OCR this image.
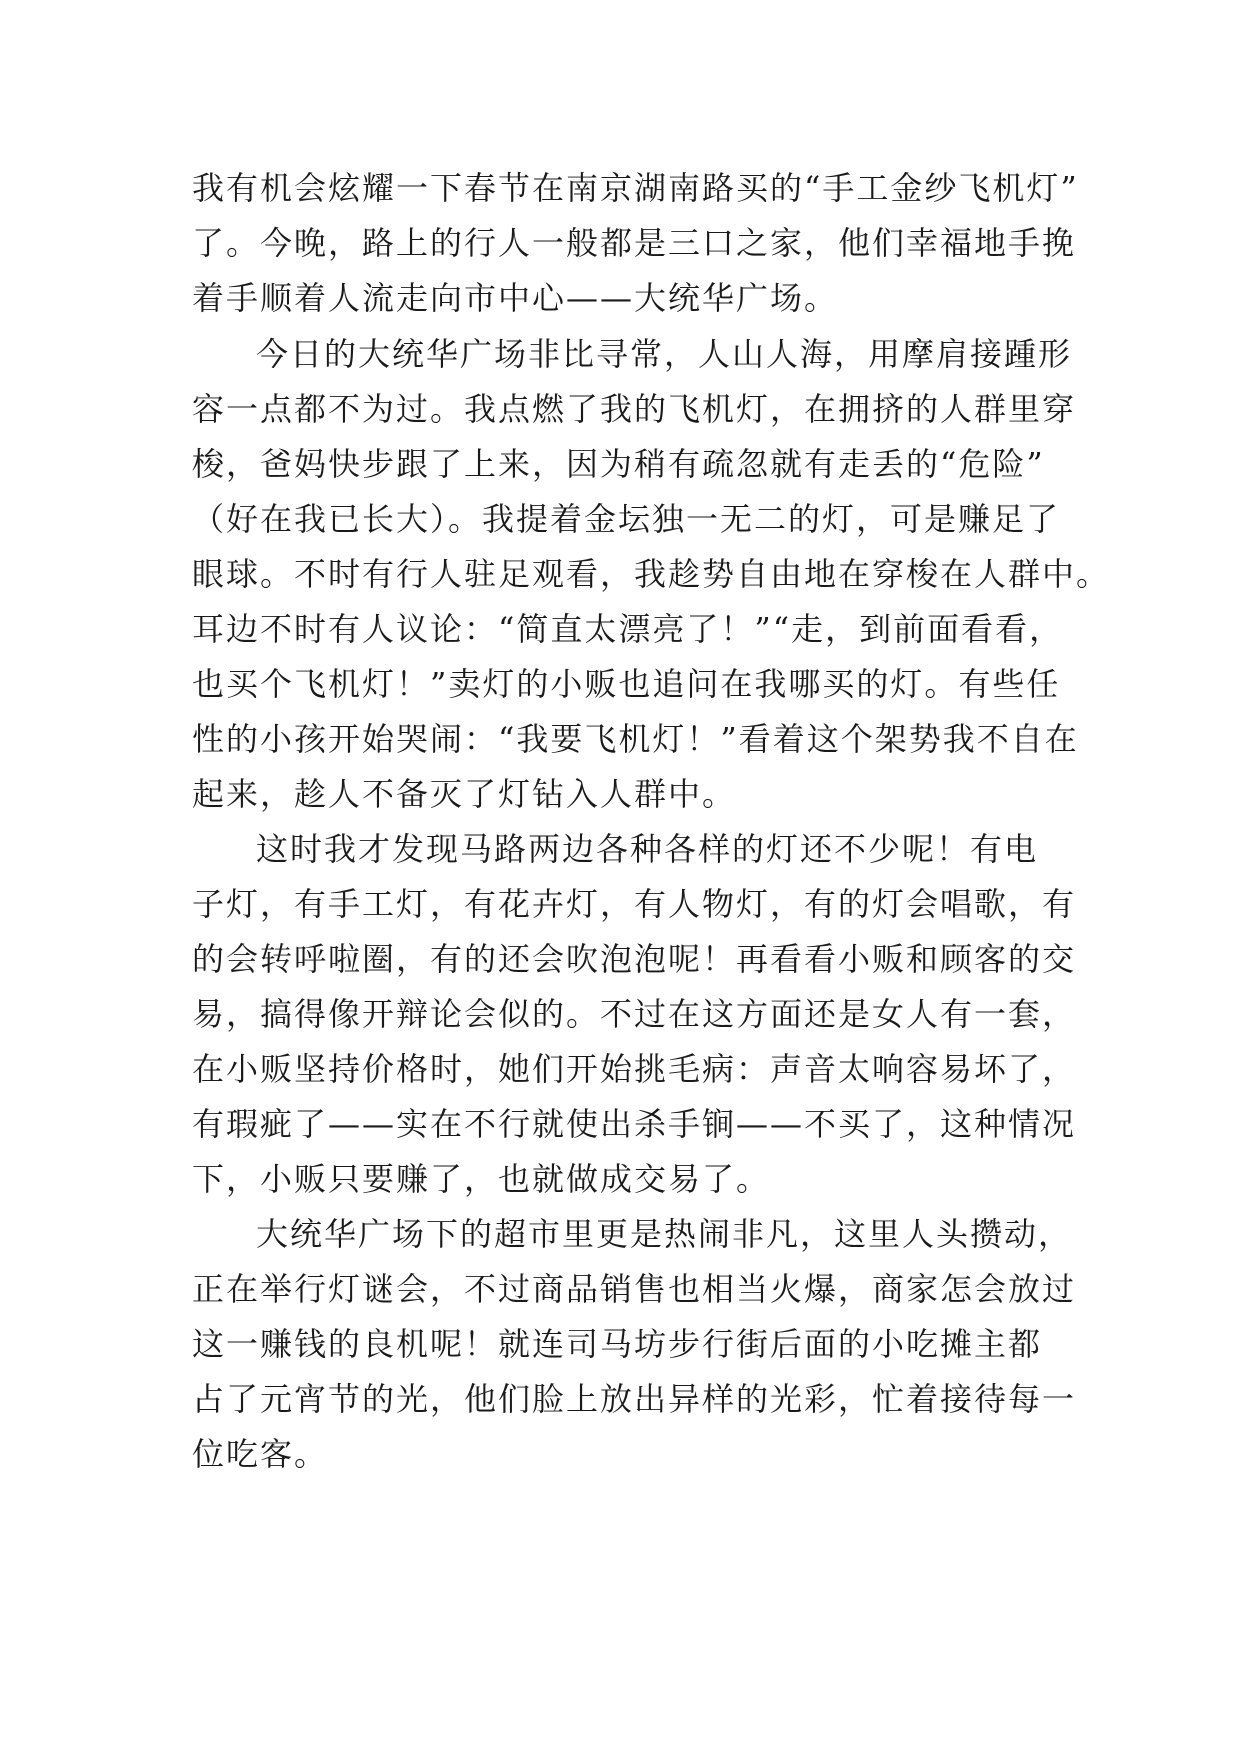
我有机会炫耀一下春节在南京湖南路买的“手工金纱飞机灯”
了。今晚，路上的行人一般都是三口之家，他们幸福地手挽
着手顺着人流走向市中心——大统华广场。
今日的大统华广场非比寻常，人山人海，用摩肩接踵形
容一点都不为过。我点燃了我的飞机灯，在拥挤的人群里穿
梭，爸妈快步跟了上来，因为稍有疏忽就有走丢的“危险”
（好在我已长大）。我提着金坛独一无二的灯，可是赚足了
眼球。不时有行人驻足观看，我趁势自由地在穿梭在人群中。
耳边不时有人议论：“简直太漂亮了！”“走，到前面看看，
也买个飞机灯！”卖灯的小贩也追问在我哪买的灯。有些任
性的小孩开始哭闹：“我要飞机灯！”看着这个架势我不自在
起来，趁人不备灭了灯钻入人群中。
这时我才发现马路两边各种各样的灯还不少呢！有电
子灯，有手工灯，有花卉灯，有人物灯，有的灯会唱歌，有
的会转呼啦圈，有的还会吹泡泡呢！再看看小贩和顾客的交
易，搞得像开辩论会似的。不过在这方面还是女人有一套，
在小贩坚持价格时，她们开始挑毛病：声音太响容易坏了，
有瑕疵了——实在不行就使出杀手锏——不买了，这种情况
下，小贩只要赚了，也就做成交易了。
大统华广场下的超市里更是热闹非凡，这里人头攒动，
正在举行灯谜会，不过商品销售也相当火爆，商家怎会放过
这一赚钱的良机呢！就连司马坊步行街后面的小吃摊主都
占了元宵节的光，他们脸上放出异样的光彩，忙着接待每一
位吃客。
